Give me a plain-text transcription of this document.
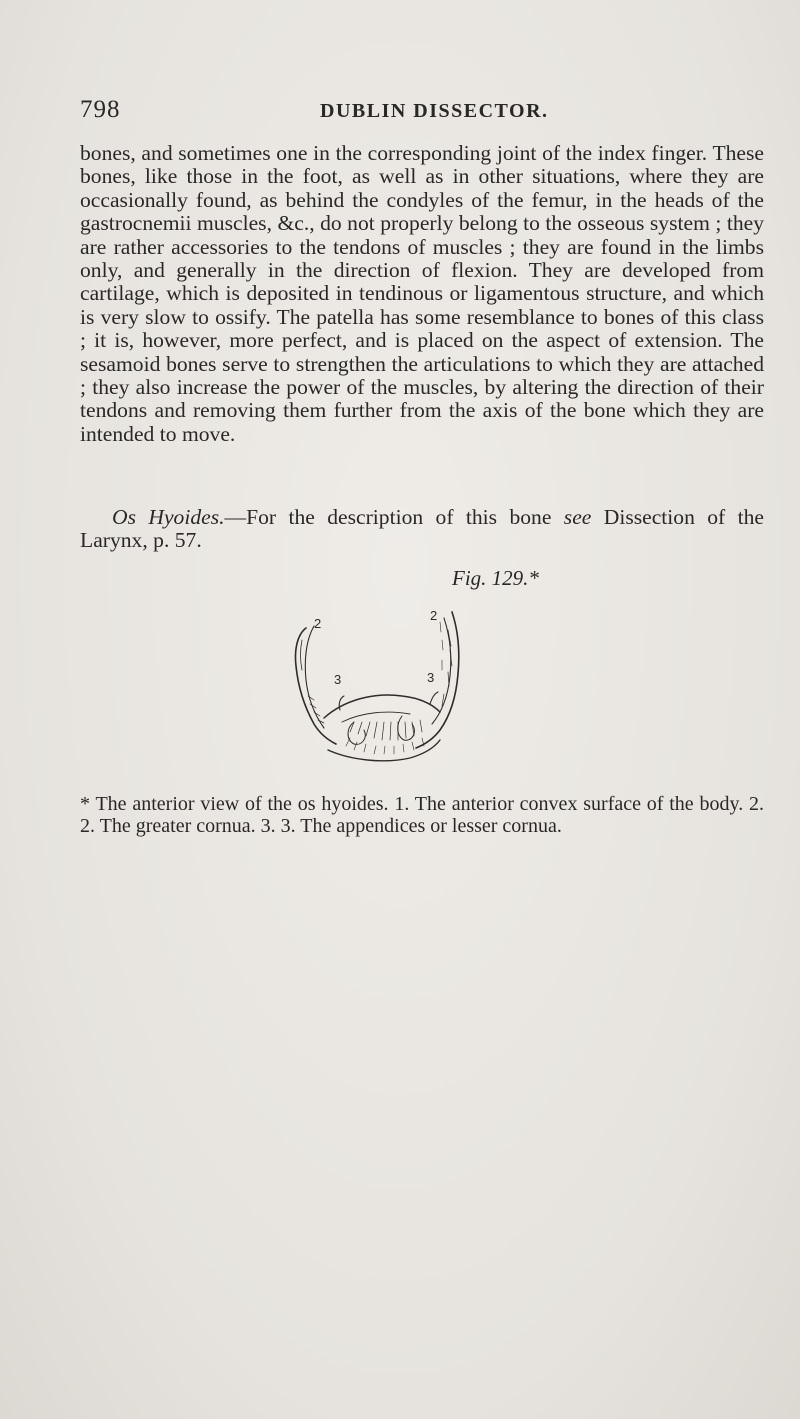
798	DUBLIN DISSECTOR.

bones, and sometimes one in the corresponding joint of the index finger. These bones, like those in the foot, as well as in other situations, where they are occasionally found, as behind the condyles of the femur, in the heads of the gastrocnemii muscles, &c., do not properly belong to the osseous system ; they are rather accessories to the tendons of muscles ; they are found in the limbs only, and generally in the direction of flexion. They are developed from cartilage, which is deposited in tendinous or ligamentous structure, and which is very slow to ossify. The patella has some resemblance to bones of this class ; it is, however, more perfect, and is placed on the aspect of extension. The sesamoid bones serve to strengthen the articulations to which they are attached ; they also increase the power of the muscles, by altering the direction of their tendons and removing them further from the axis of the bone which they are intended to move.

Os Hyoides.—For the description of this bone see Dissection of the Larynx, p. 57.

Fig. 129.*
2
2
3	3

* The anterior view of the os hyoides. 1. The anterior convex surface of the body. 2. 2. The greater cornua. 3. 3. The appendices or lesser cornua.
